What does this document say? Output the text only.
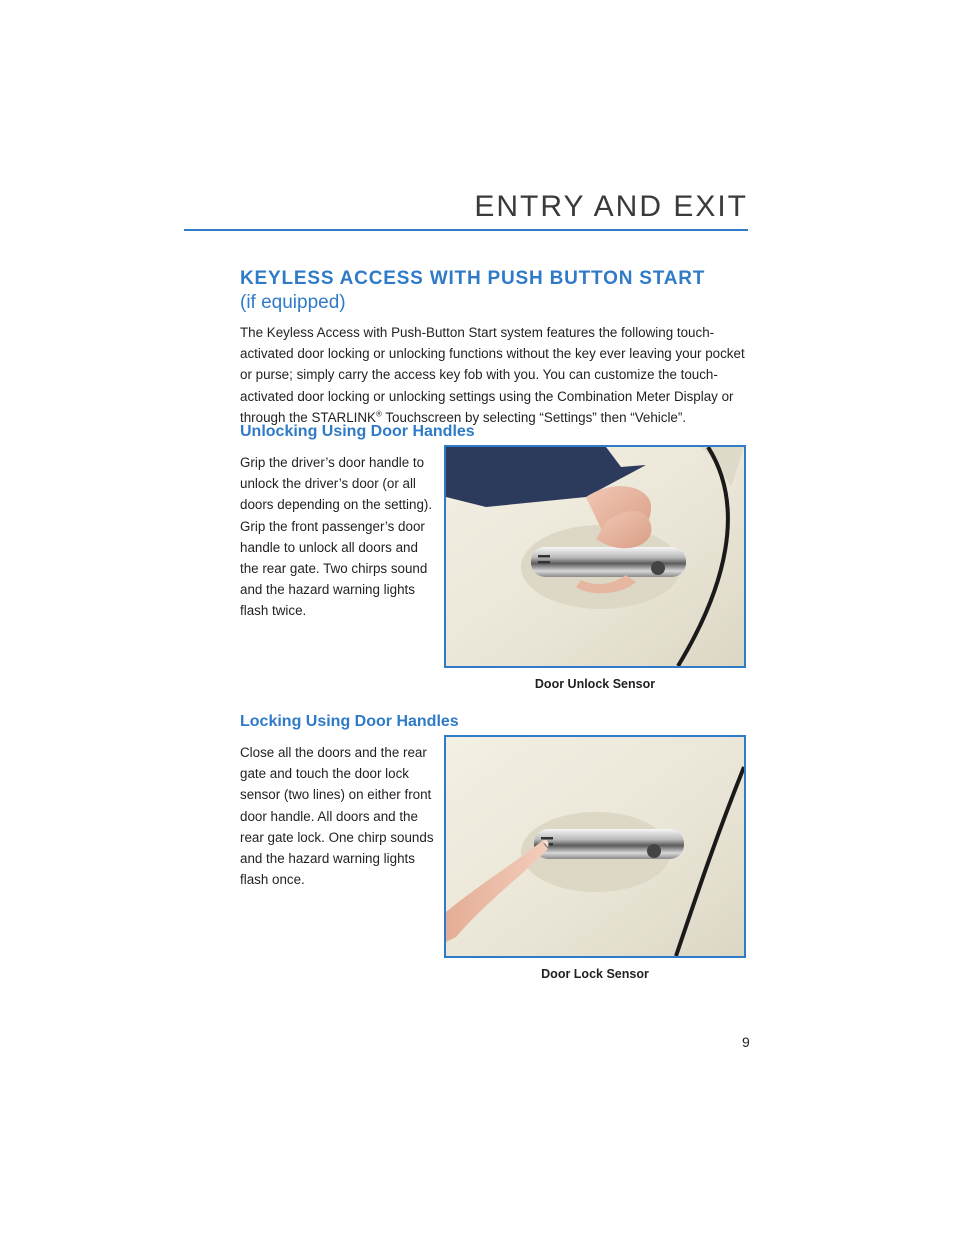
ENTRY AND EXIT
KEYLESS ACCESS WITH PUSH BUTTON START
(if equipped)

The Keyless Access with Push-Button Start system features the following touch-activated door locking or unlocking functions without the key ever leaving your pocket or purse; simply carry the access key fob with you. You can customize the touch-activated door locking or unlocking settings using the Combination Meter Display or through the STARLINK® Touchscreen by selecting “Settings” then “Vehicle”.

Unlocking Using Door Handles

Grip the driver’s door handle to unlock the driver’s door (or all doors depending on the setting). Grip the front passenger’s door handle to unlock all doors and the rear gate. Two chirps sound and the hazard warning lights flash twice.

Door Unlock Sensor
Locking Using Door Handles

Close all the doors and the rear gate and touch the door lock sensor (two lines) on either front door handle. All doors and the rear gate lock. One chirp sounds and the hazard warning lights flash once.

Door Lock Sensor
9
